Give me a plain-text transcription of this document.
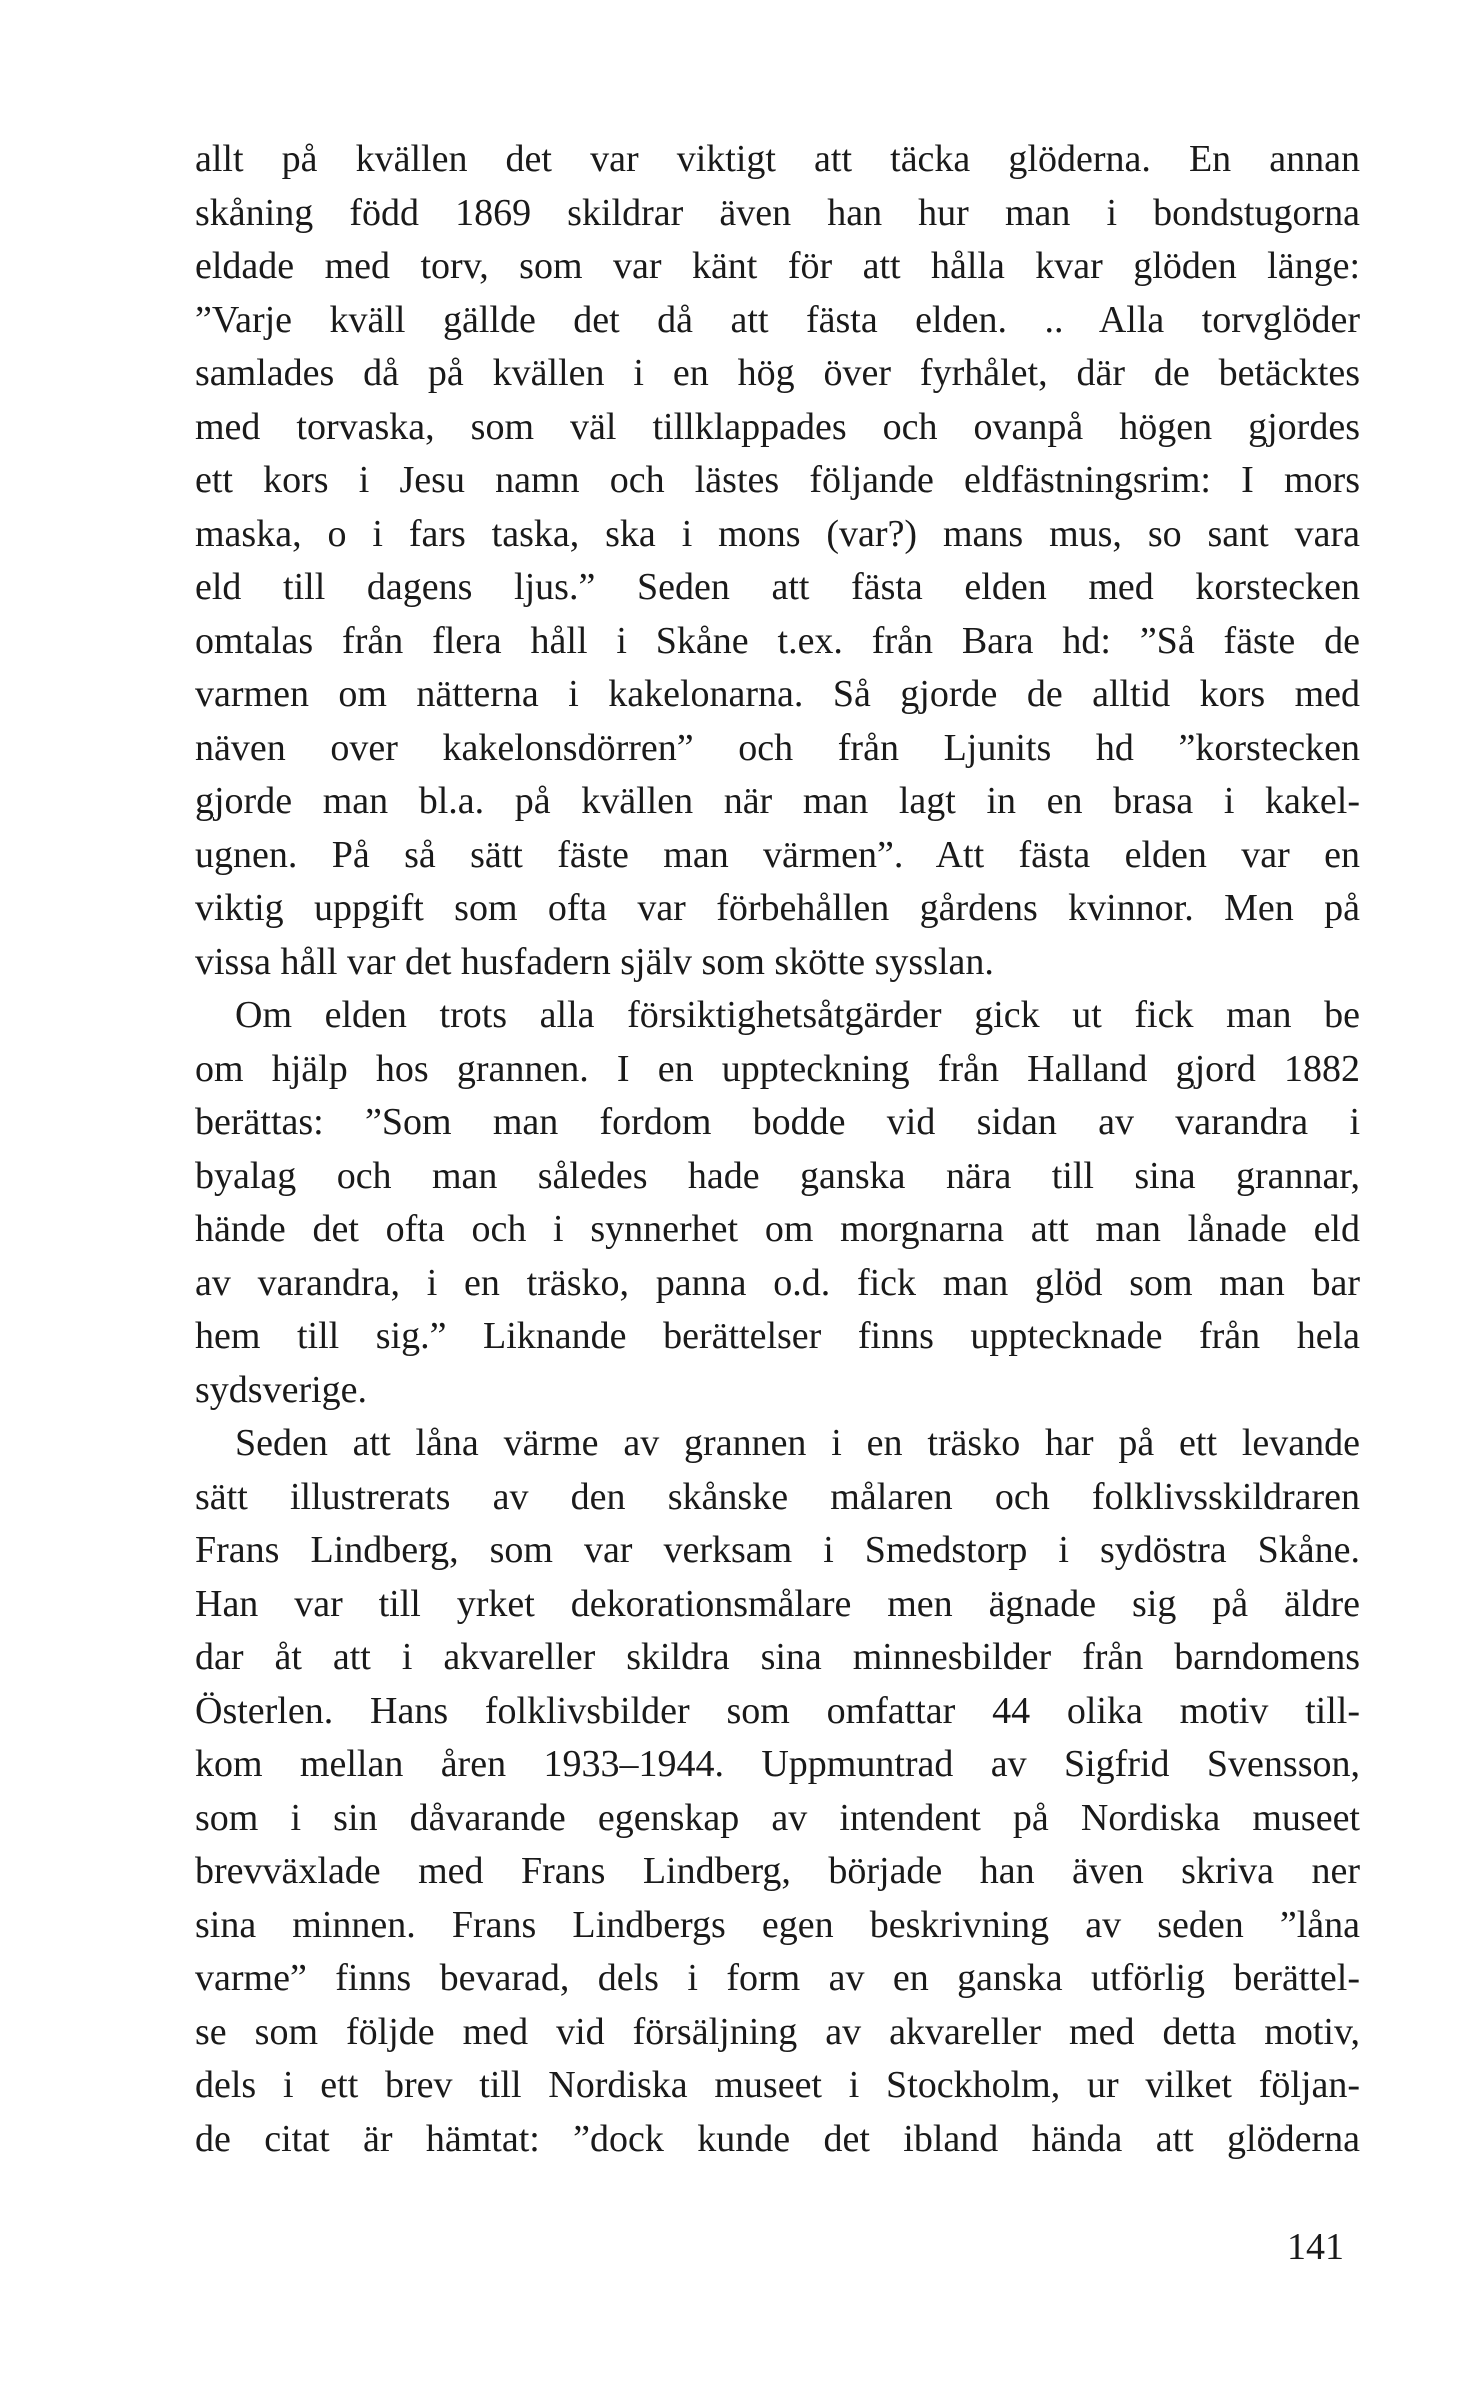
allt på kvällen det var viktigt att täcka glöderna. En annan
skåning född 1869 skildrar även han hur man i bondstugorna
eldade med torv, som var känt för att hålla kvar glöden länge:
”Varje kväll gällde det då att fästa elden. .. Alla torvglöder
samlades då på kvällen i en hög över fyrhålet, där de betäcktes
med torvaska, som väl tillklappades och ovanpå högen gjordes
ett kors i Jesu namn och lästes följande eldfästningsrim: I mors
maska, o i fars taska, ska i mons (var?) mans mus, so sant vara
eld till dagens ljus.” Seden att fästa elden med korstecken
omtalas från flera håll i Skåne t.ex. från Bara hd: ”Så fäste de
varmen om nätterna i kakelonarna. Så gjorde de alltid kors med
näven over kakelonsdörren” och från Ljunits hd ”korstecken
gjorde man bl.a. på kvällen när man lagt in en brasa i kakel-
ugnen. På så sätt fäste man värmen”. Att fästa elden var en
viktig uppgift som ofta var förbehållen gårdens kvinnor. Men på
vissa håll var det husfadern själv som skötte sysslan.
Om elden trots alla försiktighetsåtgärder gick ut fick man be
om hjälp hos grannen. I en uppteckning från Halland gjord 1882
berättas: ”Som man fordom bodde vid sidan av varandra i
byalag och man således hade ganska nära till sina grannar,
hände det ofta och i synnerhet om morgnarna att man lånade eld
av varandra, i en träsko, panna o.d. fick man glöd som man bar
hem till sig.” Liknande berättelser finns upptecknade från hela
sydsverige.
Seden att låna värme av grannen i en träsko har på ett levande
sätt illustrerats av den skånske målaren och folklivsskildraren
Frans Lindberg, som var verksam i Smedstorp i sydöstra Skåne.
Han var till yrket dekorationsmålare men ägnade sig på äldre
dar åt att i akvareller skildra sina minnesbilder från barndomens
Österlen. Hans folklivsbilder som omfattar 44 olika motiv till-
kom mellan åren 1933–1944. Uppmuntrad av Sigfrid Svensson,
som i sin dåvarande egenskap av intendent på Nordiska museet
brevväxlade med Frans Lindberg, började han även skriva ner
sina minnen. Frans Lindbergs egen beskrivning av seden ”låna
varme” finns bevarad, dels i form av en ganska utförlig berättel-
se som följde med vid försäljning av akvareller med detta motiv,
dels i ett brev till Nordiska museet i Stockholm, ur vilket följan-
de citat är hämtat: ”dock kunde det ibland hända att glöderna
141
